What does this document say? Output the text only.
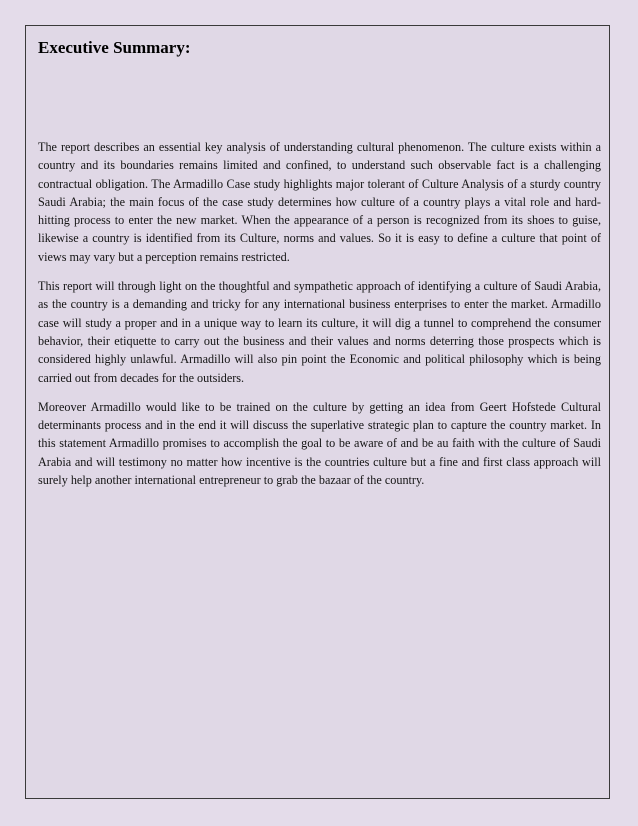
Executive Summary:

The report describes an essential key analysis of understanding cultural phenomenon. The culture exists within a country and its boundaries remains limited and confined, to understand such observable fact is a challenging contractual obligation. The Armadillo Case study highlights major tolerant of Culture Analysis of a sturdy country Saudi Arabia; the main focus of the case study determines how culture of a country plays a vital role and hard-hitting process to enter the new market. When the appearance of a person is recognized from its shoes to guise, likewise a country is identified from its Culture, norms and values. So it is easy to define a culture that point of views may vary but a perception remains restricted.

This report will through light on the thoughtful and sympathetic approach of identifying a culture of Saudi Arabia, as the country is a demanding and tricky for any international business enterprises to enter the market. Armadillo case will study a proper and in a unique way to learn its culture, it will dig a tunnel to comprehend the consumer behavior, their etiquette to carry out the business and their values and norms deterring those prospects which is considered highly unlawful. Armadillo will also pin point the Economic and political philosophy which is being carried out from decades for the outsiders.

Moreover Armadillo would like to be trained on the culture by getting an idea from Geert Hofstede Cultural determinants process and in the end it will discuss the superlative strategic plan to capture the country market. In this statement Armadillo promises to accomplish the goal to be aware of and be au faith with the culture of Saudi Arabia and will testimony no matter how incentive is the countries culture but a fine and first class approach will surely help another international entrepreneur to grab the bazaar of the country.
